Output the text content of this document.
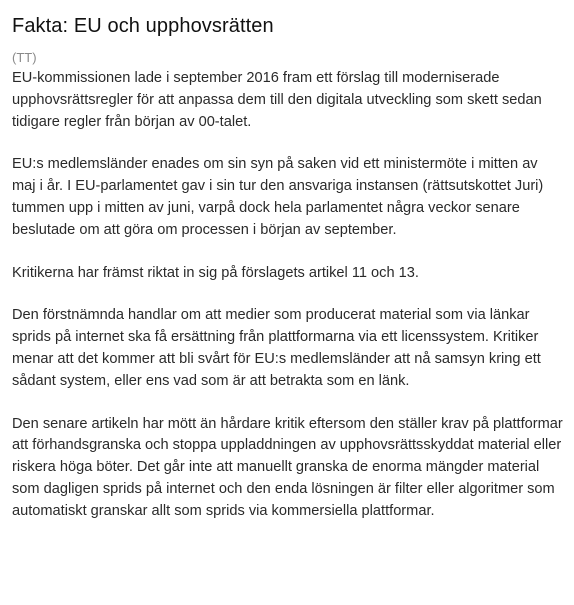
Fakta: EU och upphovsrätten
(TT)

EU-kommissionen lade i september 2016 fram ett förslag till moderniserade upphovsrättsregler för att anpassa dem till den digitala utveckling som skett sedan tidigare regler från början av 00-talet.

EU:s medlemsländer enades om sin syn på saken vid ett ministermöte i mitten av maj i år. I EU-parlamentet gav i sin tur den ansvariga instansen (rättsutskottet Juri) tummen upp i mitten av juni, varpå dock hela parlamentet några veckor senare beslutade om att göra om processen i början av september.

Kritikerna har främst riktat in sig på förslagets artikel 11 och 13.

Den förstnämnda handlar om att medier som producerat material som via länkar sprids på internet ska få ersättning från plattformarna via ett licenssystem. Kritiker menar att det kommer att bli svårt för EU:s medlemsländer att nå samsyn kring ett sådant system, eller ens vad som är att betrakta som en länk.

Den senare artikeln har mött än hårdare kritik eftersom den ställer krav på plattformar att förhandsgranska och stoppa uppladdningen av upphovsrättsskyddat material eller riskera höga böter. Det går inte att manuellt granska de enorma mängder material som dagligen sprids på internet och den enda lösningen är filter eller algoritmer som automatiskt granskar allt som sprids via kommersiella plattformar.
